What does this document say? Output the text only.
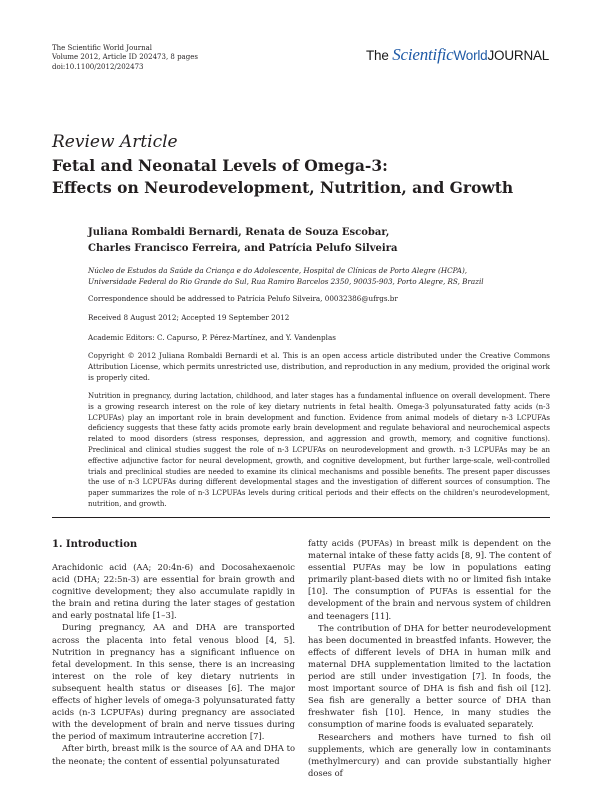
The Scientific World Journal
Volume 2012, Article ID 202473, 8 pages
doi:10.1100/2012/202473
The ScientificWorldJOURNAL
Review Article
Fetal and Neonatal Levels of Omega-3:
Effects on Neurodevelopment, Nutrition, and Growth
Juliana Rombaldi Bernardi, Renata de Souza Escobar,
Charles Francisco Ferreira, and Patrícia Pelufo Silveira
Núcleo de Estudos da Saúde da Criança e do Adolescente, Hospital de Clínicas de Porto Alegre (HCPA),
Universidade Federal do Rio Grande do Sul, Rua Ramiro Barcelos 2350, 90035-903, Porto Alegre, RS, Brazil
Correspondence should be addressed to Patrícia Pelufo Silveira, 00032386@ufrgs.br
Received 8 August 2012; Accepted 19 September 2012
Academic Editors: C. Capurso, P. Pérez-Martínez, and Y. Vandenplas
Copyright © 2012 Juliana Rombaldi Bernardi et al. This is an open access article distributed under the Creative Commons Attribution License, which permits unrestricted use, distribution, and reproduction in any medium, provided the original work is properly cited.
Nutrition in pregnancy, during lactation, childhood, and later stages has a fundamental influence on overall development. There is a growing research interest on the role of key dietary nutrients in fetal health. Omega-3 polyunsaturated fatty acids (n-3 LCPUFAs) play an important role in brain development and function. Evidence from animal models of dietary n-3 LCPUFAs deficiency suggests that these fatty acids promote early brain development and regulate behavioral and neurochemical aspects related to mood disorders (stress responses, depression, and aggression and growth, memory, and cognitive functions). Preclinical and clinical studies suggest the role of n-3 LCPUFAs on neurodevelopment and growth. n-3 LCPUFAs may be an effective adjunctive factor for neural development, growth, and cognitive development, but further large-scale, well-controlled trials and preclinical studies are needed to examine its clinical mechanisms and possible benefits. The present paper discusses the use of n-3 LCPUFAs during different developmental stages and the investigation of different sources of consumption. The paper summarizes the role of n-3 LCPUFAs levels during critical periods and their effects on the children's neurodevelopment, nutrition, and growth.
1. Introduction

Arachidonic acid (AA; 20:4n-6) and Docosahexaenoic acid (DHA; 22:5n-3) are essential for brain growth and cognitive development; they also accumulate rapidly in the brain and retina during the later stages of gestation and early postnatal life [1–3].

During pregnancy, AA and DHA are transported across the placenta into fetal venous blood [4, 5]. Nutrition in pregnancy has a significant influence on fetal development. In this sense, there is an increasing interest on the role of key dietary nutrients in subsequent health status or diseases [6]. The major effects of higher levels of omega-3 polyunsaturated fatty acids (n-3 LCPUFAs) during pregnancy are associated with the development of brain and nerve tissues during the period of maximum intrauterine accretion [7].

After birth, breast milk is the source of AA and DHA to the neonate; the content of essential polyunsaturated

fatty acids (PUFAs) in breast milk is dependent on the maternal intake of these fatty acids [8, 9]. The content of essential PUFAs may be low in populations eating primarily plant-based diets with no or limited fish intake [10]. The consumption of PUFAs is essential for the development of the brain and nervous system of children and teenagers [11].

The contribution of DHA for better neurodevelopment has been documented in breastfed infants. However, the effects of different levels of DHA in human milk and maternal DHA supplementation limited to the lactation period are still under investigation [7]. In foods, the most important source of DHA is fish and fish oil [12]. Sea fish are generally a better source of DHA than freshwater fish [10]. Hence, in many studies the consumption of marine foods is evaluated separately.

Researchers and mothers have turned to fish oil supplements, which are generally low in contaminants (methylmercury) and can provide substantially higher doses of
